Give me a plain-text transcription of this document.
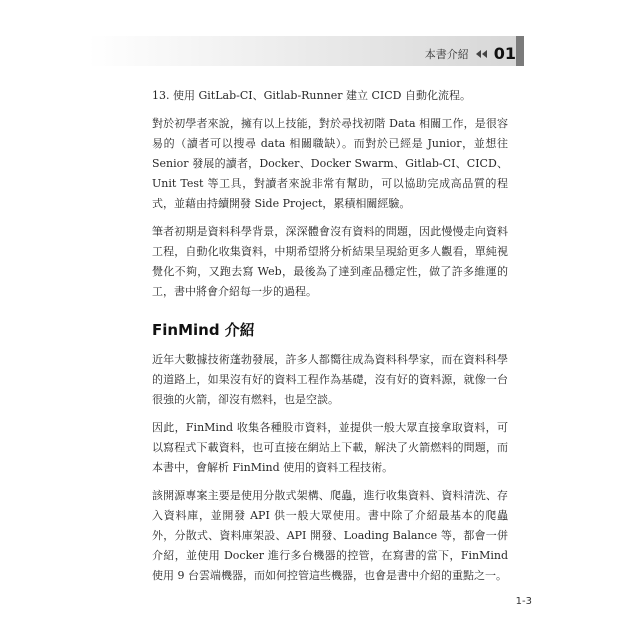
本書介紹 01

13. 使用 GitLab-CI、Gitlab-Runner 建立 CICD 自動化流程。

對於初學者來說，擁有以上技能，對於尋找初階 Data 相關工作，是很容易的（讀者可以搜尋 data 相關職缺）。而對於已經是 Junior，並想往 Senior 發展的讀者，Docker、Docker Swarm、Gitlab-CI、CICD、Unit Test 等工具，對讀者來說非常有幫助，可以協助完成高品質的程式，並藉由持續開發 Side Project，累積相關經驗。

筆者初期是資料科學背景，深深體會沒有資料的問題，因此慢慢走向資料工程，自動化收集資料，中期希望將分析結果呈現給更多人觀看，單純視覺化不夠，又跑去寫 Web，最後為了達到產品穩定性，做了許多維運的工，書中將會介紹每一步的過程。

FinMind 介紹

近年大數據技術蓬勃發展，許多人都嚮往成為資料科學家，而在資料科學的道路上，如果沒有好的資料工程作為基礎，沒有好的資料源，就像一台很強的火箭，卻沒有燃料，也是空談。

因此，FinMind 收集各種股市資料，並提供一般大眾直接拿取資料，可以寫程式下載資料，也可直接在網站上下載，解決了火箭燃料的問題，而本書中，會解析 FinMind 使用的資料工程技術。

該開源專案主要是使用分散式架構、爬蟲，進行收集資料、資料清洗、存入資料庫，並開發 API 供一般大眾使用。書中除了介紹最基本的爬蟲外，分散式、資料庫架設、API 開發、Loading Balance 等，都會一併介紹，並使用 Docker 進行多台機器的控管，在寫書的當下，FinMind 使用 9 台雲端機器，而如何控管這些機器，也會是書中介紹的重點之一。

1-3
